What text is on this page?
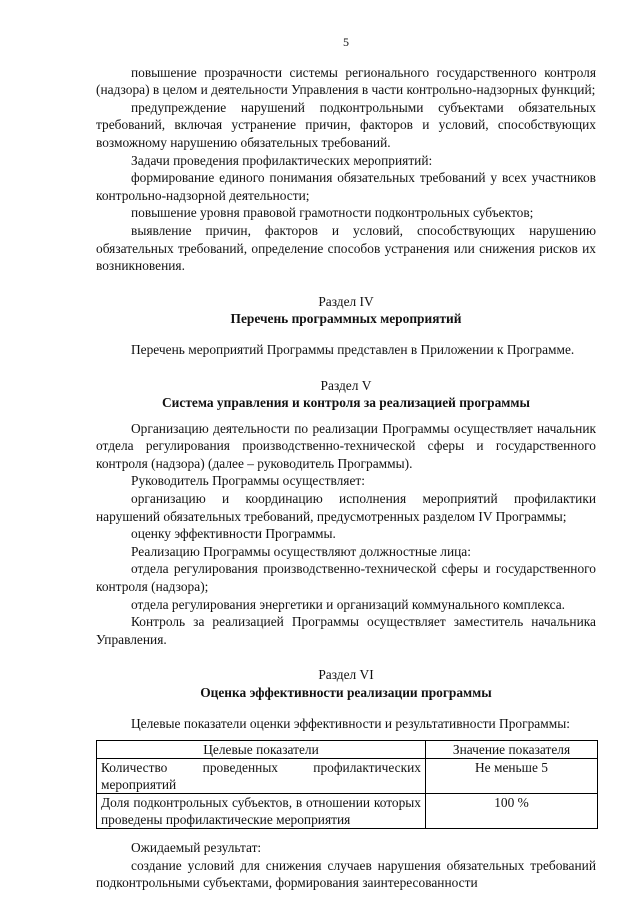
5

повышение прозрачности системы регионального государственного контроля (надзора) в целом и деятельности Управления в части контрольно-надзорных функций;

предупреждение нарушений подконтрольными субъектами обязательных требований, включая устранение причин, факторов и условий, способствующих возможному нарушению обязательных требований.

Задачи проведения профилактических мероприятий:

формирование единого понимания обязательных требований у всех участников контрольно-надзорной деятельности;

повышение уровня правовой грамотности подконтрольных субъектов;

выявление причин, факторов и условий, способствующих нарушению обязательных требований, определение способов устранения или снижения рисков их возникновения.

Раздел IV

Перечень программных мероприятий

Перечень мероприятий Программы представлен в Приложении к Программе.

Раздел V

Система управления и контроля за реализацией программы

Организацию деятельности по реализации Программы осуществляет начальник отдела регулирования производственно-технической сферы и государственного контроля (надзора) (далее – руководитель Программы).

Руководитель Программы осуществляет:

организацию и координацию исполнения мероприятий профилактики нарушений обязательных требований, предусмотренных разделом IV Программы;

оценку эффективности Программы.

Реализацию Программы осуществляют должностные лица:

отдела регулирования производственно-технической сферы и государственного контроля (надзора);

отдела регулирования энергетики и организаций коммунального комплекса.

Контроль за реализацией Программы осуществляет заместитель начальника Управления.

Раздел VI

Оценка эффективности реализации программы

Целевые показатели оценки эффективности и результативности Программы:

Целевые показатели	Значение показателя
Количество проведенных профилактических мероприятий	Не меньше 5
Доля подконтрольных субъектов, в отношении которых проведены профилактические мероприятия	100 %

Ожидаемый результат:

создание условий для снижения случаев нарушения обязательных требований подконтрольными субъектами, формирования заинтересованности
